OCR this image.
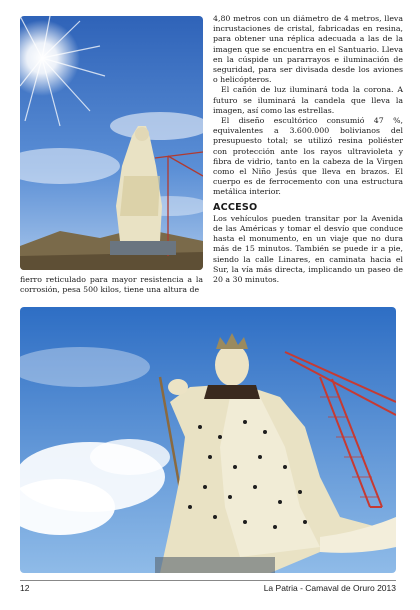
4,80 metros con un diámetro de 4 metros, lleva incrustaciones de cristal, fabricadas en resina, para obtener una réplica adecuada a las de la imagen que se encuentra en el Santuario. Lleva en la cúspide un pararrayos e iluminación de seguridad, para ser divisada desde los aviones o helicópteros.

El cañón de luz iluminará toda la corona. A futuro se iluminará la candela que lleva la imagen, así como las estrellas.

El diseño escultórico consumió 47 %, equivalentes a 3.600.000 bolivianos del presupuesto total; se utilizó resina poliéster con protección ante los rayos ultravioleta y fibra de vidrio, tanto en la cabeza de la Virgen como el Niño Jesús que lleva en brazos. El cuerpo es de ferrocemento con una estructura metálica interior.

ACCESO

Los vehículos pueden transitar por la Avenida de las Américas y tomar el desvío que conduce hasta el monumento, en un viaje que no dura más de 15 minutos. También se puede ir a pie, siendo la calle Linares, en caminata hacia el Sur, la vía más directa, implicando un paseo de 20 a 30 minutos.

fierro reticulado para mayor resistencia a la corrosión, pesa 500 kilos, tiene una altura de

12	La Patria - Camaval de Oruro 2013
